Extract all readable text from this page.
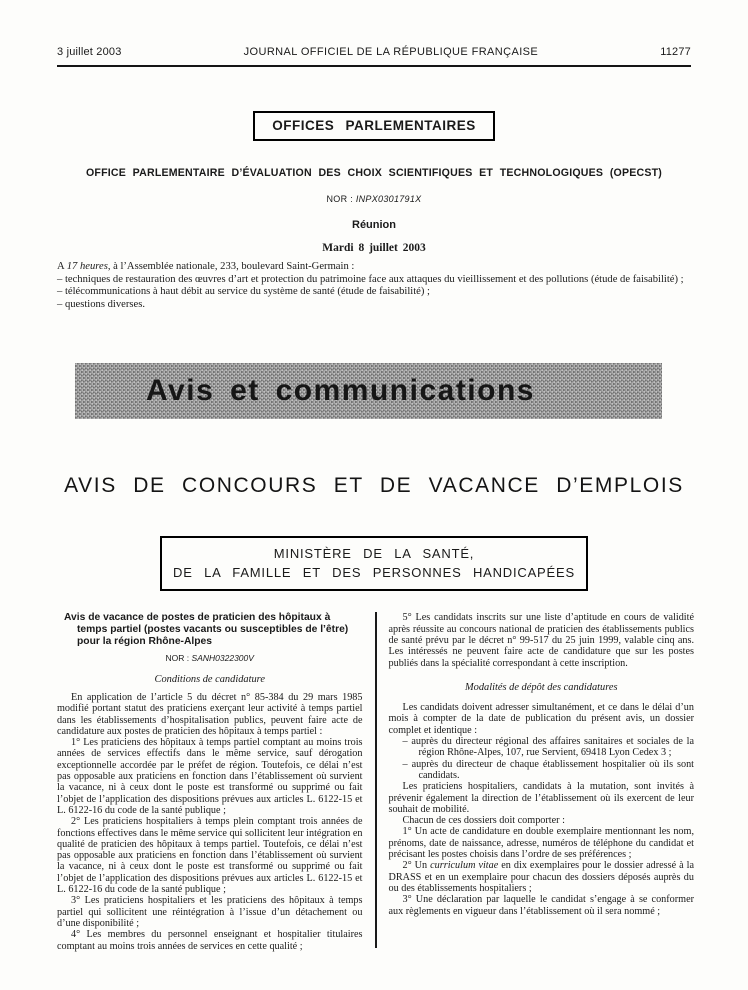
3 juillet 2003	JOURNAL OFFICIEL DE LA RÉPUBLIQUE FRANÇAISE	11277
OFFICES PARLEMENTAIRES
OFFICE PARLEMENTAIRE D’ÉVALUATION DES CHOIX SCIENTIFIQUES ET TECHNOLOGIQUES (OPECST)
NOR : INPX0301791X
Réunion
Mardi 8 juillet 2003
A 17 heures, à l’Assemblée nationale, 233, boulevard Saint-Germain :
– techniques de restauration des œuvres d’art et protection du patrimoine face aux attaques du vieillissement et des pollutions (étude de faisabilité) ;
– télécommunications à haut débit au service du système de santé (étude de faisabilité) ;
– questions diverses.
Avis et communications
AVIS DE CONCOURS ET DE VACANCE D’EMPLOIS
MINISTÈRE DE LA SANTÉ,
DE LA FAMILLE ET DES PERSONNES HANDICAPÉES
Avis de vacance de postes de praticien des hôpitaux à temps partiel (postes vacants ou susceptibles de l’être) pour la région Rhône-Alpes
NOR : SANH0322300V
Conditions de candidature

En application de l’article 5 du décret n° 85-384 du 29 mars 1985 modifié portant statut des praticiens exerçant leur activité à temps partiel dans les établissements d’hospitalisation publics, peuvent faire acte de candidature aux postes de praticien des hôpitaux à temps partiel :

1° Les praticiens des hôpitaux à temps partiel comptant au moins trois années de services effectifs dans le même service, sauf dérogation exceptionnelle accordée par le préfet de région. Toutefois, ce délai n’est pas opposable aux praticiens en fonction dans l’établissement où survient la vacance, ni à ceux dont le poste est transformé ou supprimé ou fait l’objet de l’application des dispositions prévues aux articles L. 6122-15 et L. 6122-16 du code de la santé publique ;

2° Les praticiens hospitaliers à temps plein comptant trois années de fonctions effectives dans le même service qui sollicitent leur intégration en qualité de praticien des hôpitaux à temps partiel. Toutefois, ce délai n’est pas opposable aux praticiens en fonction dans l’établissement où survient la vacance, ni à ceux dont le poste est transformé ou supprimé ou fait l’objet de l’application des dispositions prévues aux articles L. 6122-15 et L. 6122-16 du code de la santé publique ;

3° Les praticiens hospitaliers et les praticiens des hôpitaux à temps partiel qui sollicitent une réintégration à l’issue d’un détachement ou d’une disponibilité ;

4° Les membres du personnel enseignant et hospitalier titulaires comptant au moins trois années de services en cette qualité ;

5° Les candidats inscrits sur une liste d’aptitude en cours de validité après réussite au concours national de praticien des établissements publics de santé prévu par le décret n° 99-517 du 25 juin 1999, valable cinq ans. Les intéressés ne peuvent faire acte de candidature que sur les postes publiés dans la spécialité correspondant à cette inscription.

Modalités de dépôt des candidatures

Les candidats doivent adresser simultanément, et ce dans le délai d’un mois à compter de la date de publication du présent avis, un dossier complet et identique :

– auprès du directeur régional des affaires sanitaires et sociales de la région Rhône-Alpes, 107, rue Servient, 69418 Lyon Cedex 3 ;

– auprès du directeur de chaque établissement hospitalier où ils sont candidats.

Les praticiens hospitaliers, candidats à la mutation, sont invités à prévenir également la direction de l’établissement où ils exercent de leur souhait de mobilité.

Chacun de ces dossiers doit comporter :

1° Un acte de candidature en double exemplaire mentionnant les nom, prénoms, date de naissance, adresse, numéros de téléphone du candidat et précisant les postes choisis dans l’ordre de ses préférences ;

2° Un curriculum vitae en dix exemplaires pour le dossier adressé à la DRASS et en un exemplaire pour chacun des dossiers déposés auprès du ou des établissements hospitaliers ;

3° Une déclaration par laquelle le candidat s’engage à se conformer aux règlements en vigueur dans l’établissement où il sera nommé ;
